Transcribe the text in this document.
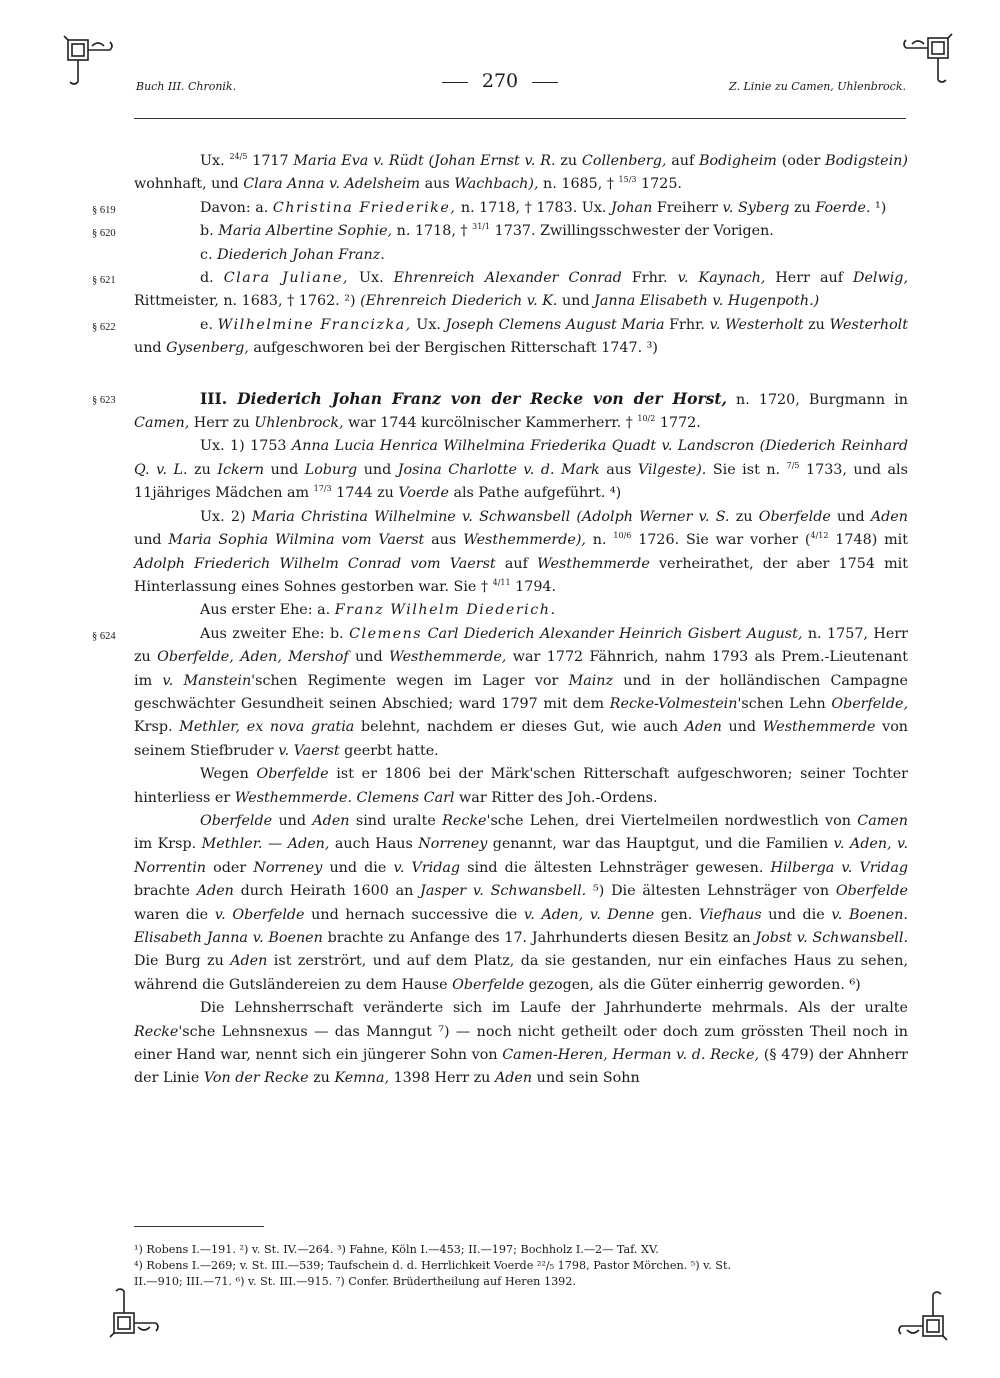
Buch III. Chronik.	270	Z. Linie zu Camen, Uhlenbrock.

Ux. $^{24/5}$ 1717 Maria Eva v. Rüdt (Johan Ernst v. R. zu Collenberg, auf Bodigheim (oder Bodigstein) wohnhaft, und Clara Anna v. Adelsheim aus Wachbach), n. 1685, † $^{15/3}$ 1725.

§ 619	Davon: a. Christina Friederike, n. 1718, † 1783. Ux. Johan Freiherr v. Syberg zu Foerde. ¹)

§ 620	b. Maria Albertine Sophie, n. 1718, † $^{31/1}$ 1737. Zwillingsschwester der Vorigen.

c. Diederich Johan Franz.

§ 621	d. Clara Juliane, Ux. Ehrenreich Alexander Conrad Frhr. v. Kaynach, Herr auf Delwig, Rittmeister, n. 1683, † 1762. ²) (Ehrenreich Diederich v. K. und Janna Elisabeth v. Hugenpoth.)

§ 622	e. Wilhelmine Francizka, Ux. Joseph Clemens August Maria Frhr. v. Westerholt zu Westerholt und Gysenberg, aufgeschworen bei der Bergischen Ritterschaft 1747. ³)

§ 623	III. Diederich Johan Franz von der Recke von der Horst, n. 1720, Burgmann in Camen, Herr zu Uhlenbrock, war 1744 kurcölnischer Kammerherr. † $^{10/2}$ 1772.

Ux. 1) 1753 Anna Lucia Henrica Wilhelmina Friederika Quadt v. Landscron (Diederich Reinhard Q. v. L. zu Ickern und Loburg und Josina Charlotte v. d. Mark aus Vilgeste). Sie ist n. $^{7/5}$ 1733, und als 11jähriges Mädchen am $^{17/3}$ 1744 zu Voerde als Pathe aufgeführt. ⁴)

Ux. 2) Maria Christina Wilhelmine v. Schwansbell (Adolph Werner v. S. zu Oberfelde und Aden und Maria Sophia Wilmina vom Vaerst aus Westhemmerde), n. $^{10/6}$ 1726. Sie war vorher ($^{4/12}$ 1748) mit Adolph Friederich Wilhelm Conrad vom Vaerst auf Westhemmerde verheirathet, der aber 1754 mit Hinterlassung eines Sohnes gestorben war. Sie † $^{4/11}$ 1794.

Aus erster Ehe: a. Franz Wilhelm Diederich.

§ 624	Aus zweiter Ehe: b. Clemens Carl Diederich Alexander Heinrich Gisbert August, n. 1757, Herr zu Oberfelde, Aden, Mershof und Westhemmerde, war 1772 Fähnrich, nahm 1793 als Prem.-Lieutenant im v. Manstein'schen Regimente wegen im Lager vor Mainz und in der holländischen Campagne geschwächter Gesundheit seinen Abschied; ward 1797 mit dem Recke-Volmestein'schen Lehn Oberfelde, Krsp. Methler, ex nova gratia belehnt, nachdem er dieses Gut, wie auch Aden und Westhemmerde von seinem Stiefbruder v. Vaerst geerbt hatte.

Wegen Oberfelde ist er 1806 bei der Märk'schen Ritterschaft aufgeschworen; seiner Tochter hinterliess er Westhemmerde. Clemens Carl war Ritter des Joh.-Ordens.

Oberfelde und Aden sind uralte Recke'sche Lehen, drei Viertelmeilen nordwestlich von Camen im Krsp. Methler. — Aden, auch Haus Norreney genannt, war das Hauptgut, und die Familien v. Aden, v. Norrentin oder Norreney und die v. Vridag sind die ältesten Lehnsträger gewesen. Hilberga v. Vridag brachte Aden durch Heirath 1600 an Jasper v. Schwansbell. ⁵) Die ältesten Lehnsträger von Oberfelde waren die v. Oberfelde und hernach successive die v. Aden, v. Denne gen. Viefhaus und die v. Boenen. Elisabeth Janna v. Boenen brachte zu Anfange des 17. Jahrhunderts diesen Besitz an Jobst v. Schwansbell. Die Burg zu Aden ist zerstrört, und auf dem Platz, da sie gestanden, nur ein einfaches Haus zu sehen, während die Gutsländereien zu dem Hause Oberfelde gezogen, als die Güter einherrig geworden. ⁶)

Die Lehnsherrschaft veränderte sich im Laufe der Jahrhunderte mehrmals. Als der uralte Recke'sche Lehnsnexus — das Manngut ⁷) — noch nicht getheilt oder doch zum grössten Theil noch in einer Hand war, nennt sich ein jüngerer Sohn von Camen-Heren, Herman v. d. Recke, (§ 479) der Ahnherr der Linie Von der Recke zu Kemna, 1398 Herr zu Aden und sein Sohn

¹) Robens I.—191. ²) v. St. IV.—264. ³) Fahne, Köln I.—453; II.—197; Bochholz I.—2— Taf. XV.

⁴) Robens I.—269; v. St. III.—539; Taufschein d. d. Herrlichkeit Voerde ²²/₅ 1798, Pastor Mörchen. ⁵) v. St.

II.—910; III.—71. ⁶) v. St. III.—915. ⁷) Confer. Brüdertheilung auf Heren 1392.
